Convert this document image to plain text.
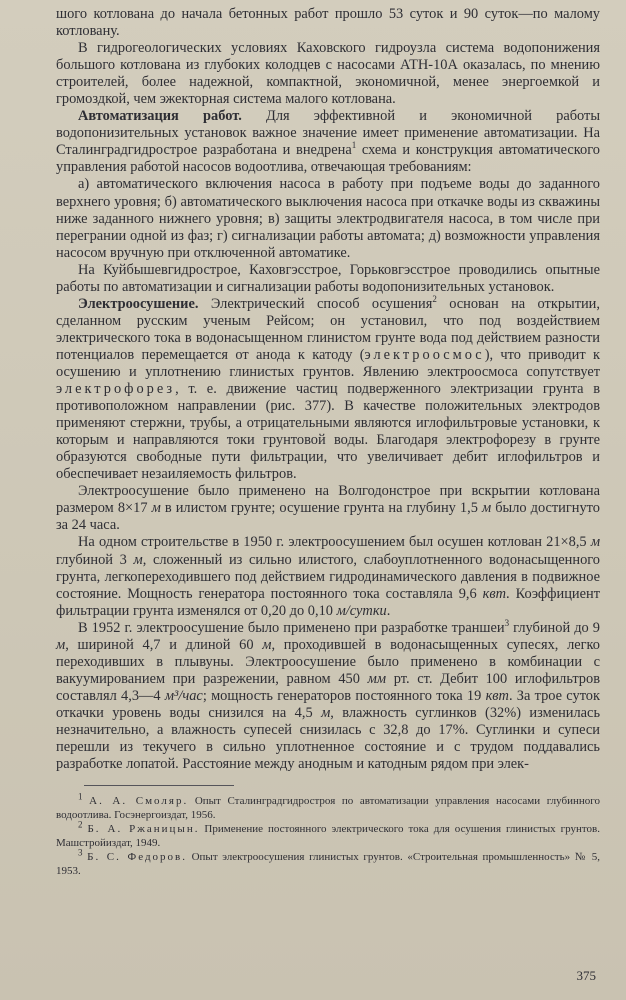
шого котлована до начала бетонных работ прошло 53 суток и 90 суток—по малому котловану.

В гидрогеологических условиях Каховского гидроузла система водопонижения большого котлована из глубоких колодцев с насосами АТН-10А оказалась, по мнению строителей, более надежной, компактной, экономичной, менее энергоемкой и громоздкой, чем эжекторная система малого котлована.

Автоматизация работ. Для эффективной и экономичной работы водопонизительных установок важное значение имеет применение автоматизации. На Сталинградгидрострое разработана и внедрена$^1$ схема и конструкция автоматического управления работой насосов водоотлива, отвечающая требованиям:

а) автоматического включения насоса в работу при подъеме воды до заданного верхнего уровня; б) автоматического выключения насоса при откачке воды из скважины ниже заданного нижнего уровня; в) защиты электродвигателя насоса, в том числе при перегрании одной из фаз; г) сигнализации работы автомата; д) возможности управления насосом вручную при отключенной автоматике.

На Куйбышевгидрострое, Каховгэсстрое, Горьковгэсстрое проводились опытные работы по автоматизации и сигнализации работы водопонизительных установок.

Электроосушение. Электрический способ осушения$^2$ основан на открытии, сделанном русским ученым Рейсом; он установил, что под воздействием электрического тока в водонасыщенном глинистом грунте вода под действием разности потенциалов перемещается от анода к катоду (электроосмос), что приводит к осушению и уплотнению глинистых грунтов. Явлению электроосмоса сопутствует электрофорез, т. е. движение частиц подверженного электризации грунта в противоположном направлении (рис. 377). В качестве положительных электродов применяют стержни, трубы, а отрицательными являются иглофильтровые установки, к которым и направляются токи грунтовой воды. Благодаря электрофорезу в грунте образуются свободные пути фильтрации, что увеличивает дебит иглофильтров и обеспечивает незаиляемость фильтров.

Электроосушение было применено на Волгодонстрое при вскрытии котлована размером 8×17 м в илистом грунте; осушение грунта на глубину 1,5 м было достигнуто за 24 часа.

На одном строительстве в 1950 г. электроосушением был осушен котлован 21×8,5 м глубиной 3 м, сложенный из сильно илистого, слабоуплотненного водонасыщенного грунта, легкопереходившего под действием гидродинамического давления в подвижное состояние. Мощность генератора постоянного тока составляла 9,6 квт. Коэффициент фильтрации грунта изменялся от 0,20 до 0,10 м/сутки.

В 1952 г. электроосушение было применено при разработке траншеи$^3$ глубиной до 9 м, шириной 4,7 и длиной 60 м, проходившей в водонасыщенных супесях, легко переходивших в плывуны. Электроосушение было применено в комбинации с вакуумированием при разрежении, равном 450 мм рт. ст. Дебит 100 иглофильтров составлял 4,3—4 м³/час; мощность генераторов постоянного тока 19 квт. За трое суток откачки уровень воды снизился на 4,5 м, влажность суглинков (32%) изменилась незначительно, а влажность супесей снизилась с 32,8 до 17%. Суглинки и супеси перешли из текучего в сильно уплотненное состояние и с трудом поддавались разработке лопатой. Расстояние между анодным и катодным рядом при элек-

$^1$ А. А. Смоляр. Опыт Сталинградгидростроя по автоматизации управления насосами глубинного водоотлива. Госэнергоиздат, 1956.

$^2$ Б. А. Ржаницын. Применение постоянного электрического тока для осушения глинистых грунтов. Машстройиздат, 1949.

$^3$ Б. С. Федоров. Опыт электроосушения глинистых грунтов. «Строительная промышленность» № 5, 1953.

375
